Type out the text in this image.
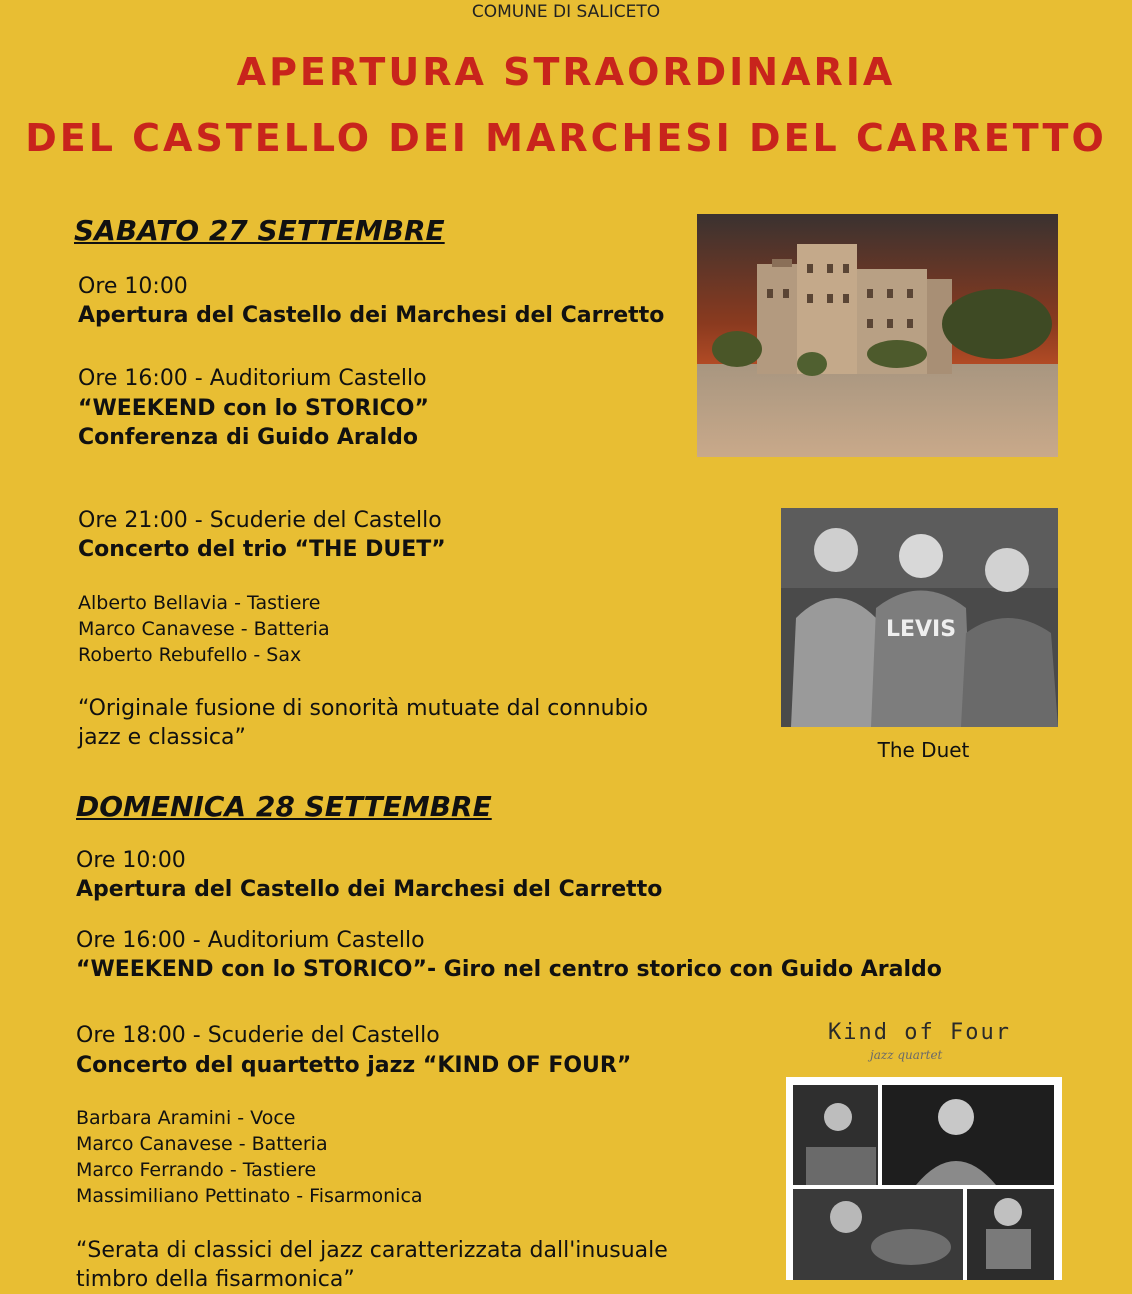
COMUNE DI SALICETO
APERTURA STRAORDINARIA
DEL CASTELLO DEI MARCHESI DEL CARRETTO
SABATO 27 SETTEMBRE
Ore 10:00
Apertura del Castello dei Marchesi del Carretto
Ore 16:00 - Auditorium Castello
“WEEKEND con lo STORICO”
Conferenza di Guido Araldo
Ore 21:00 - Scuderie del Castello
Concerto del trio “THE DUET”
Alberto Bellavia - Tastiere
Marco Canavese - Batteria
Roberto Rebufello - Sax
“Originale fusione di sonorità mutuate dal connubio
jazz e classica”
LEVIS
The Duet
DOMENICA 28 SETTEMBRE
Ore 10:00
Apertura del Castello dei Marchesi del Carretto
Ore 16:00 - Auditorium Castello
“WEEKEND con lo STORICO”- Giro nel centro storico con Guido Araldo
Ore 18:00 - Scuderie del Castello
Concerto del quartetto jazz “KIND OF FOUR”
Barbara Aramini - Voce
Marco Canavese - Batteria
Marco Ferrando - Tastiere
Massimiliano Pettinato - Fisarmonica
“Serata di classici del jazz caratterizzata dall'inusuale
timbro della fisarmonica”
Kind of Four
jazz quartet
